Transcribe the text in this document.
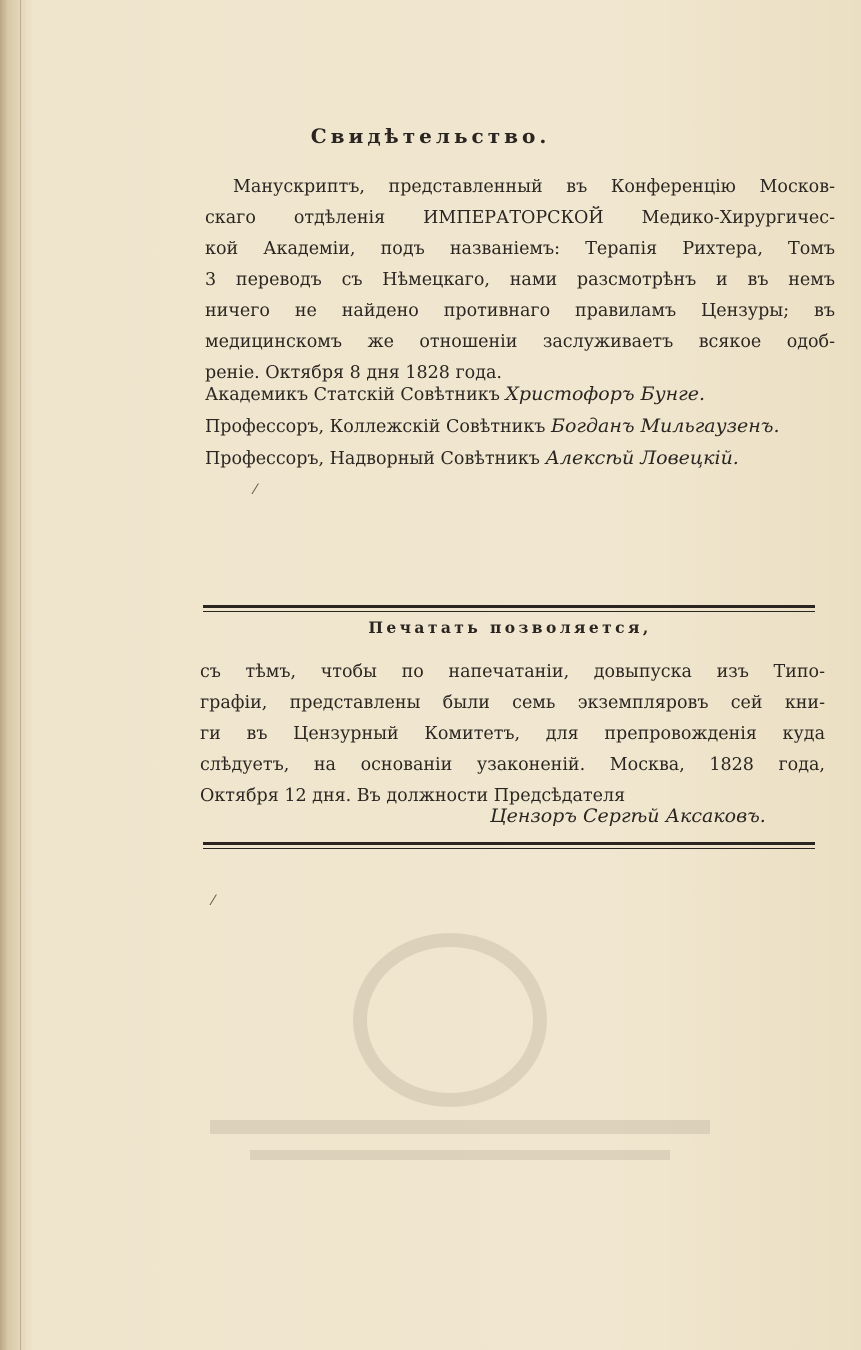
Свидѣтельство.
Манускриптъ, представленный въ Конференцію Москов-
скаго отдѣленія ИМПЕРАТОРСКОЙ Медико-Хирургичес-
кой Академіи, подъ названіемъ: Терапія Рихтера, Томъ
3 переводъ съ Нѣмецкаго, нами разсмотрѣнъ и въ немъ
ничего не найдено противнаго правиламъ Цензуры; въ
медицинскомъ же отношеніи заслуживаетъ всякое одоб-
реніе. Октября 8 дня 1828 года.
Академикъ Статскій Совѣтникъ Христофоръ Бунге.
Профессоръ, Коллежскій Совѣтникъ Богданъ Мильгаузенъ.
Профессоръ, Надворный Совѣтникъ Алексѣй Ловецкій.
Печатать позволяется,
съ тѣмъ, чтобы по напечатаніи, довыпуска изъ Типо-
графіи, представлены были семь экземпляровъ сей кни-
ги въ Цензурный Комитетъ, для препровожденія куда
слѣдуетъ, на основаніи узаконеній. Москва, 1828 года,
Октября 12 дня. Въ должности Предсѣдателя
Цензоръ Сергѣй Аксаковъ.
⁄
⁄
